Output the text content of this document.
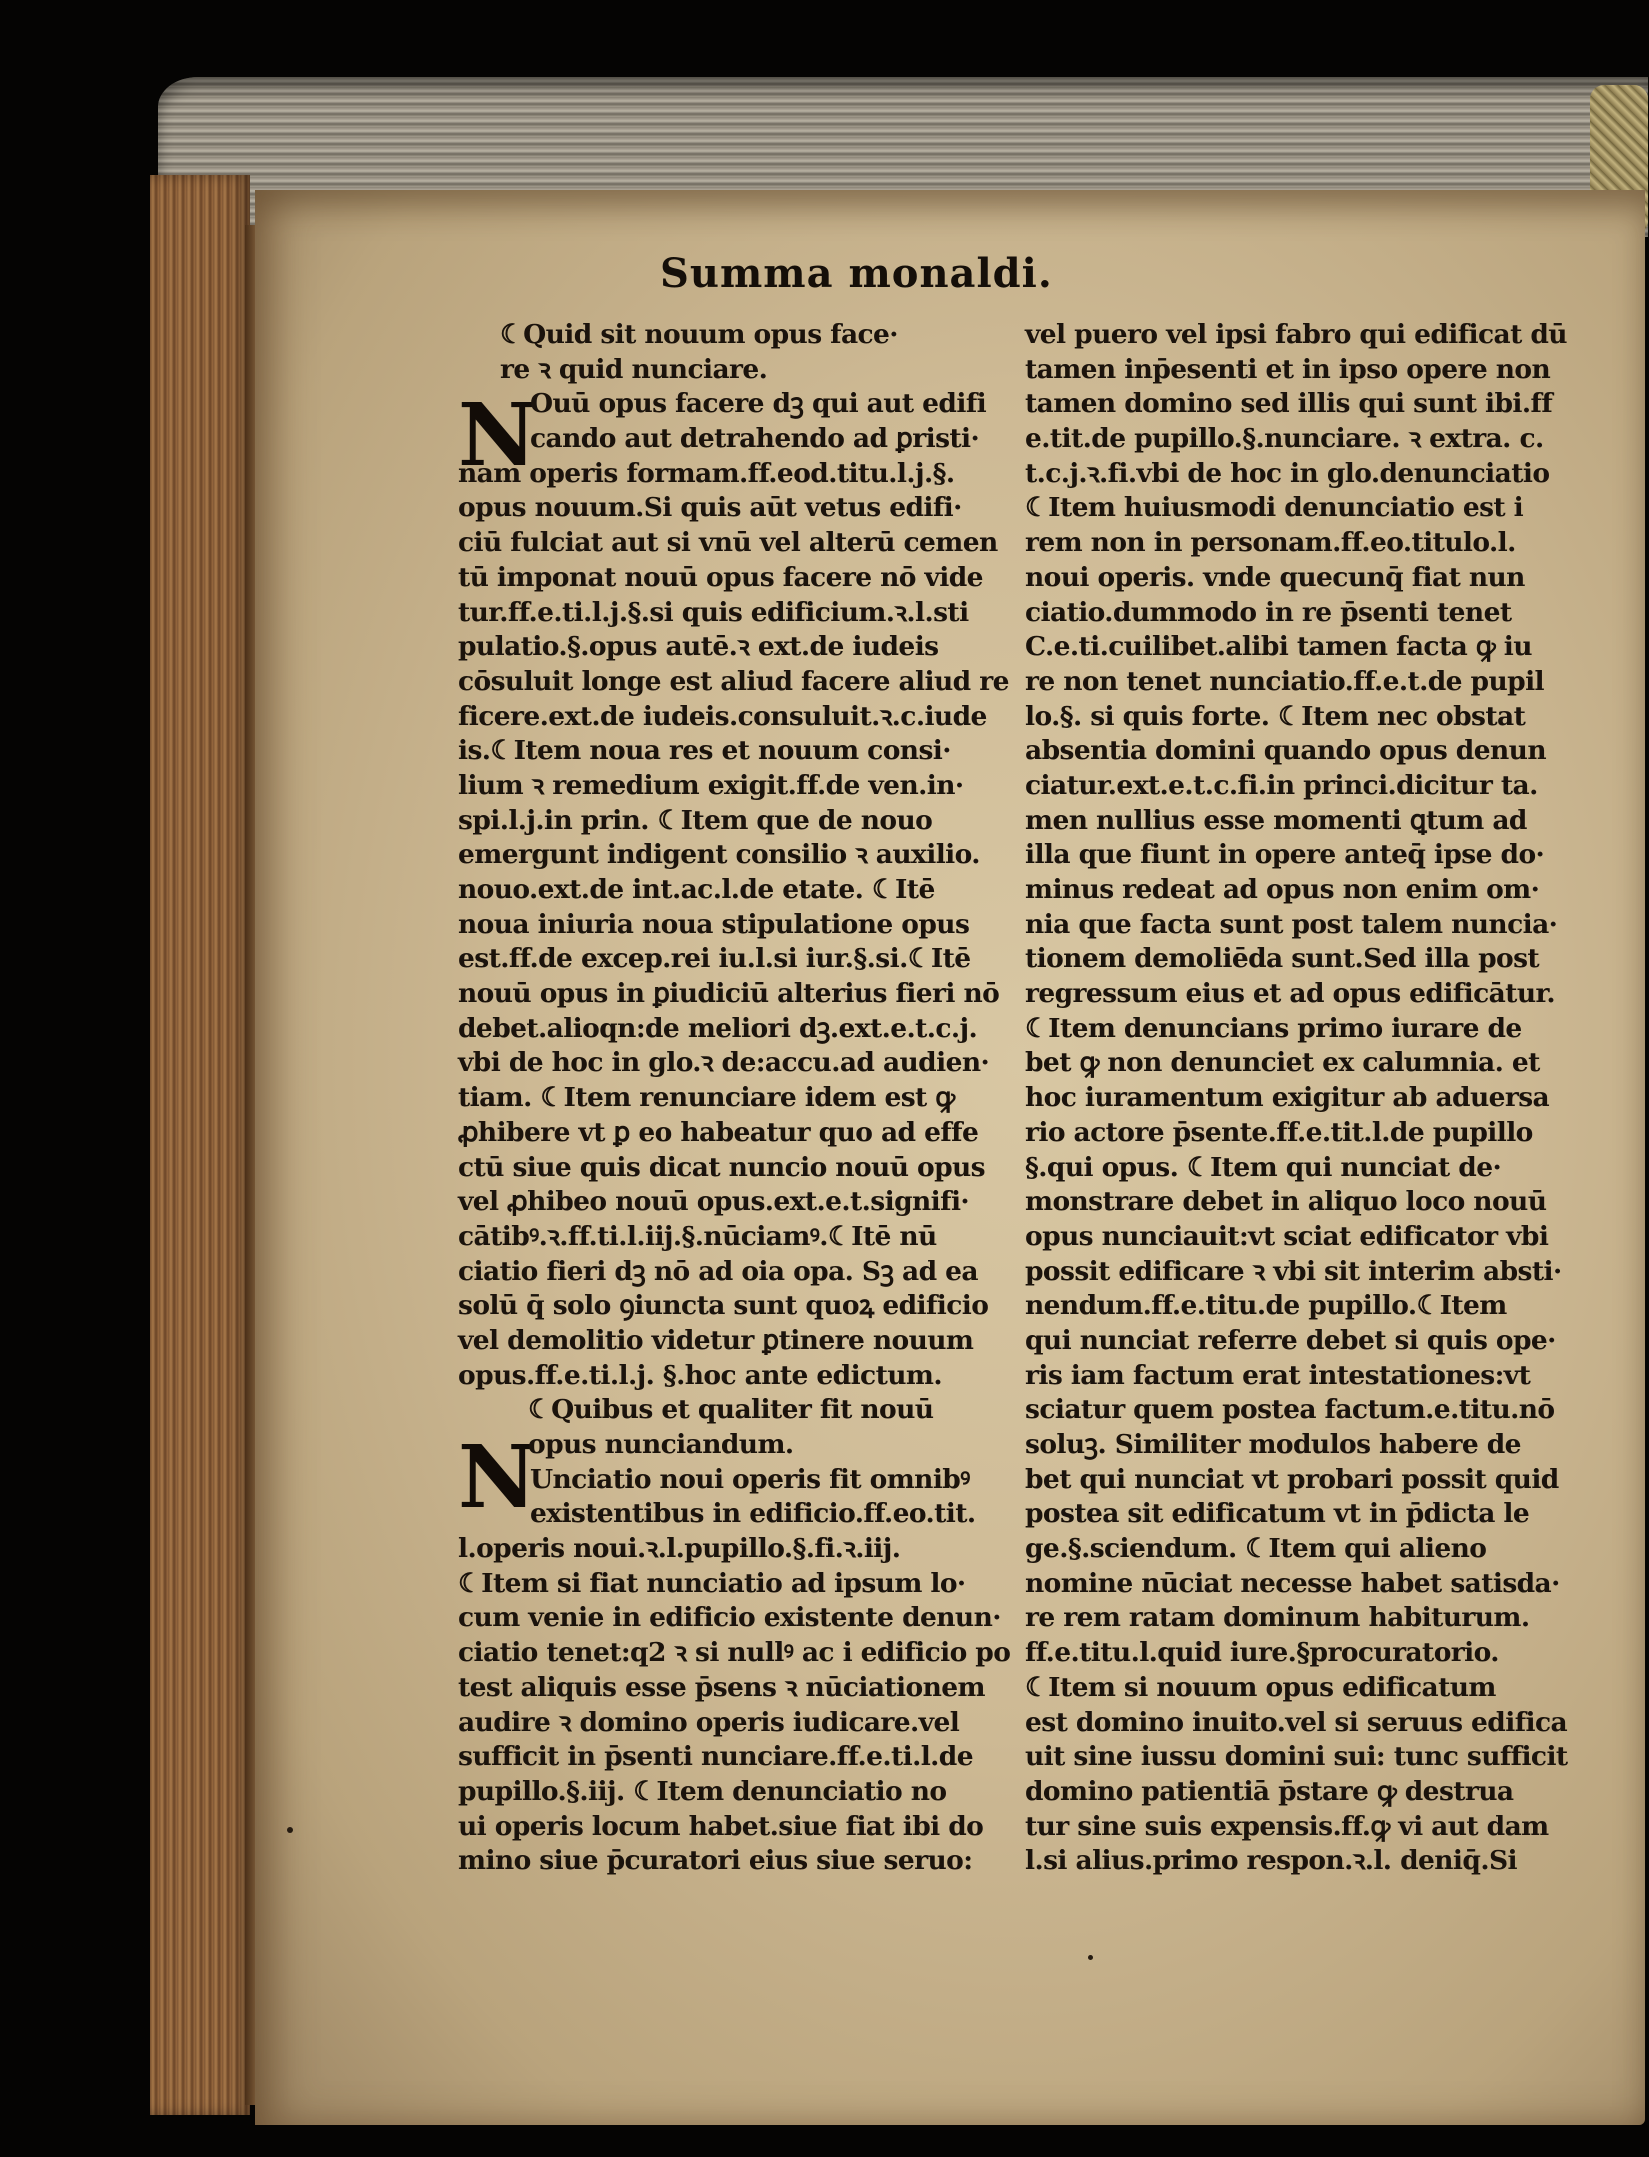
Summa monaldi.
N
N
☾Quid sit nouum opus face·
re ꝛ quid nunciare.
Ouū opus facere dꝫ qui aut edifi
cando aut detrahendo ad ꝑristi·
nam operis formam.ff.eod.titu.l.j.§.
opus nouum.Si quis aūt vetus edifi·
ciū fulciat aut si vnū vel alterū cemen
tū imponat nouū opus facere nō vide
tur.ff.e.ti.l.j.§.si quis edificium.ꝛ.l.sti
pulatio.§.opus autē.ꝛ ext.de iudeis
cōsuluit longe est aliud facere aliud re
ficere.ext.de iudeis.consuluit.ꝛ.c.iude
is.☾Item noua res et nouum consi·
lium ꝛ remedium exigit.ff.de ven.in·
spi.l.j.in prin. ☾Item que de nouo
emergunt indigent consilio ꝛ auxilio.
nouo.ext.de int.ac.l.de etate. ☾Itē
noua iniuria noua stipulatione opus
est.ff.de excep.rei iu.l.si iur.§.si.☾Itē
nouū opus in ꝑiudiciū alterius fieri nō
debet.alioqn:de meliori dꝫ.ext.e.t.c.j.
vbi de hoc in glo.ꝛ de:accu.ad audien·
tiam. ☾Item renunciare idem est ꝙ
ꝓhibere vt ꝑ eo habeatur quo ad effe
ctū siue quis dicat nuncio nouū opus
vel ꝓhibeo nouū opus.ext.e.t.signifi·
cātibꝰ.ꝛ.ff.ti.l.iij.§.nūciamꝰ.☾Itē nū
ciatio fieri dꝫ nō ad oia opa. Sꝫ ad ea
solū q̄ solo ꝯiuncta sunt quoꝝ edificio
vel demolitio videtur ꝑtinere nouum
opus.ff.e.ti.l.j. §.hoc ante edictum.
☾Quibus et qualiter fit nouū
opus nunciandum.
Unciatio noui operis fit omnibꝰ
existentibus in edificio.ff.eo.tit.
l.operis noui.ꝛ.l.pupillo.§.fi.ꝛ.iij.
☾Item si fiat nunciatio ad ipsum lo·
cum venie in edificio existente denun·
ciatio tenet:q2 ꝛ si nullꝰ ac i edificio po
test aliquis esse p̄sens ꝛ nūciationem
audire ꝛ domino operis iudicare.vel
sufficit in p̄senti nunciare.ff.e.ti.l.de
pupillo.§.iij. ☾Item denunciatio no
ui operis locum habet.siue fiat ibi do
mino siue p̄curatori eius siue seruo:
vel puero vel ipsi fabro qui edificat dū
tamen inp̄esenti et in ipso opere non
tamen domino sed illis qui sunt ibi.ff
e.tit.de pupillo.§.nunciare. ꝛ extra. c.
t.c.j.ꝛ.fi.vbi de hoc in glo.denunciatio
☾Item huiusmodi denunciatio est i
rem non in personam.ff.eo.titulo.l.
noui operis. vnde quecunq̄ fiat nun
ciatio.dummodo in re p̄senti tenet
C.e.ti.cuilibet.alibi tamen facta ꝙ iu
re non tenet nunciatio.ff.e.t.de pupil
lo.§. si quis forte. ☾Item nec obstat
absentia domini quando opus denun
ciatur.ext.e.t.c.fi.in princi.dicitur ta.
men nullius esse momenti ꝗtum ad
illa que fiunt in opere anteq̄ ipse do·
minus redeat ad opus non enim om·
nia que facta sunt post talem nuncia·
tionem demoliēda sunt.Sed illa post
regressum eius et ad opus edificātur.
☾Item denuncians primo iurare de
bet ꝙ non denunciet ex calumnia. et
hoc iuramentum exigitur ab aduersa
rio actore p̄sente.ff.e.tit.l.de pupillo
§.qui opus. ☾Item qui nunciat de·
monstrare debet in aliquo loco nouū
opus nunciauit:vt sciat edificator vbi
possit edificare ꝛ vbi sit interim absti·
nendum.ff.e.titu.de pupillo.☾Item
qui nunciat referre debet si quis ope·
ris iam factum erat intestationes:vt
sciatur quem postea factum.e.titu.nō
soluꝫ. Similiter modulos habere de
bet qui nunciat vt probari possit quid
postea sit edificatum vt in p̄dicta le
ge.§.sciendum. ☾Item qui alieno
nomine nūciat necesse habet satisda·
re rem ratam dominum habiturum.
ff.e.titu.l.quid iure.§procuratorio.
☾Item si nouum opus edificatum
est domino inuito.vel si seruus edifica
uit sine iussu domini sui: tunc sufficit
domino patientiā p̄stare ꝙ destrua
tur sine suis expensis.ff.ꝙ vi aut dam
l.si alius.primo respon.ꝛ.l. deniq̄.Si
